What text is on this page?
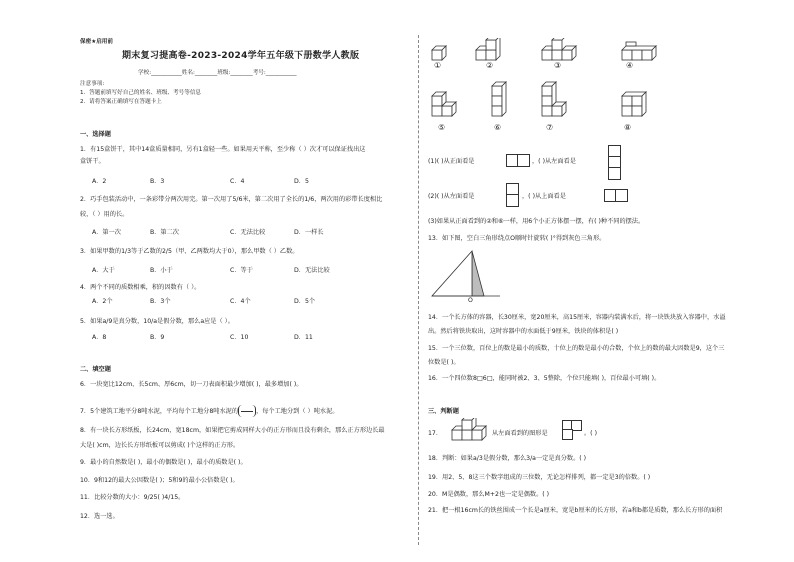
保密★启用前
期末复习提高卷-2023-2024学年五年级下册数学人教版
学校:___________姓名:________班级:________考号:___________
注意事项:
1．答题前填写好自己的姓名、班级、考号等信息
2．请将答案正确填写在答题卡上
一、选择题
1．有15盒饼干，其中14盒质量相同，另有1盒轻一些。如果用天平称，至少称（ ）次才可以保证找出这
盒饼干。
A．2	B．3	C．4	D．5
2．巧手包装活动中，一条彩带分两次用完。第一次用了5/6米，第二次用了全长的1/6，两次用的彩带长度相比
较，（ ）用的长。
A．第一次	B．第二次	C．无法比较	D．一样长
3．如果甲数的1/3等于乙数的2/5（甲、乙两数均大于0），那么甲数（ ）乙数。
A．大于	B．小于	C．等于	D．无法比较
4．两个不同的质数相乘，积的因数有（ ）。
A．2个	B．3个	C．4个	D．5个
5．如果a/9是真分数，10/a是假分数，那么a应是（ ）。
A．8	B．9	C．10	D．11
二、填空题
6．一块宽比12cm、长5cm、厚6cm，切一刀表面积最少增加( )，最多增加( )。
7．5个建筑工地平分8吨水泥，平均每个工地分8吨水泥的	，每个工地分到（ ）吨水泥。
8．有一块长方形纸板，长24cm，宽18cm，如果把它剪成同样大小的正方形而且没有剩余，那么正方形边长最
大是( )cm，边长长方形纸板可以剪成( )个这样的正方形。
9．最小的自然数是( )，最小的偶数是( )，最小的质数是( )。
10．9和12的最大公因数是( )；5和9的最小公倍数是( )。
11．比较分数的大小：9/25( )4/15。
12．选一选。
①	②	③	④
⑤	⑥	⑦	⑧
(1)( )从正面看是	，( )从左面看是
(2)( )从左面看是	，( )从上面看是
(3)如果从正面看到的②和⑥一样，用6个小正方体摆一摆，有( )种不同的摆法。
13．如下图，空白三角形绕点O顺时针旋转( )°得到灰色三角形。
O
14．一个长方体的容器，长30厘米，宽20厘米，高15厘米，容器内装满水后，将一块铁块放入容器中，水溢
出。然后将铁块取出，这时容器中的水面低于9厘米，铁块的体积是( )
15．一个三位数，百位上的数是最小的质数，十位上的数是最小的合数，个位上的数的最大因数是9，这个三
位数是( )。
16．一个四位数8□6□，能同时被2、3、5整除，个位只能填( )，百位最小可填( )。
三、判断题
17．	从左面看到的图形是	。( )
18．判断：如果a/3是假分数，那么3/a一定是真分数。( )
19．用2、5、8这三个数字组成的三位数，无论怎样排列，都一定是3的倍数。( )
20．M是偶数，那么M+2也一定是偶数。( )
21．把一根16cm长的铁丝围成一个长是a厘米，宽是b厘米的长方形，若a和b都是质数，那么长方形的面积
